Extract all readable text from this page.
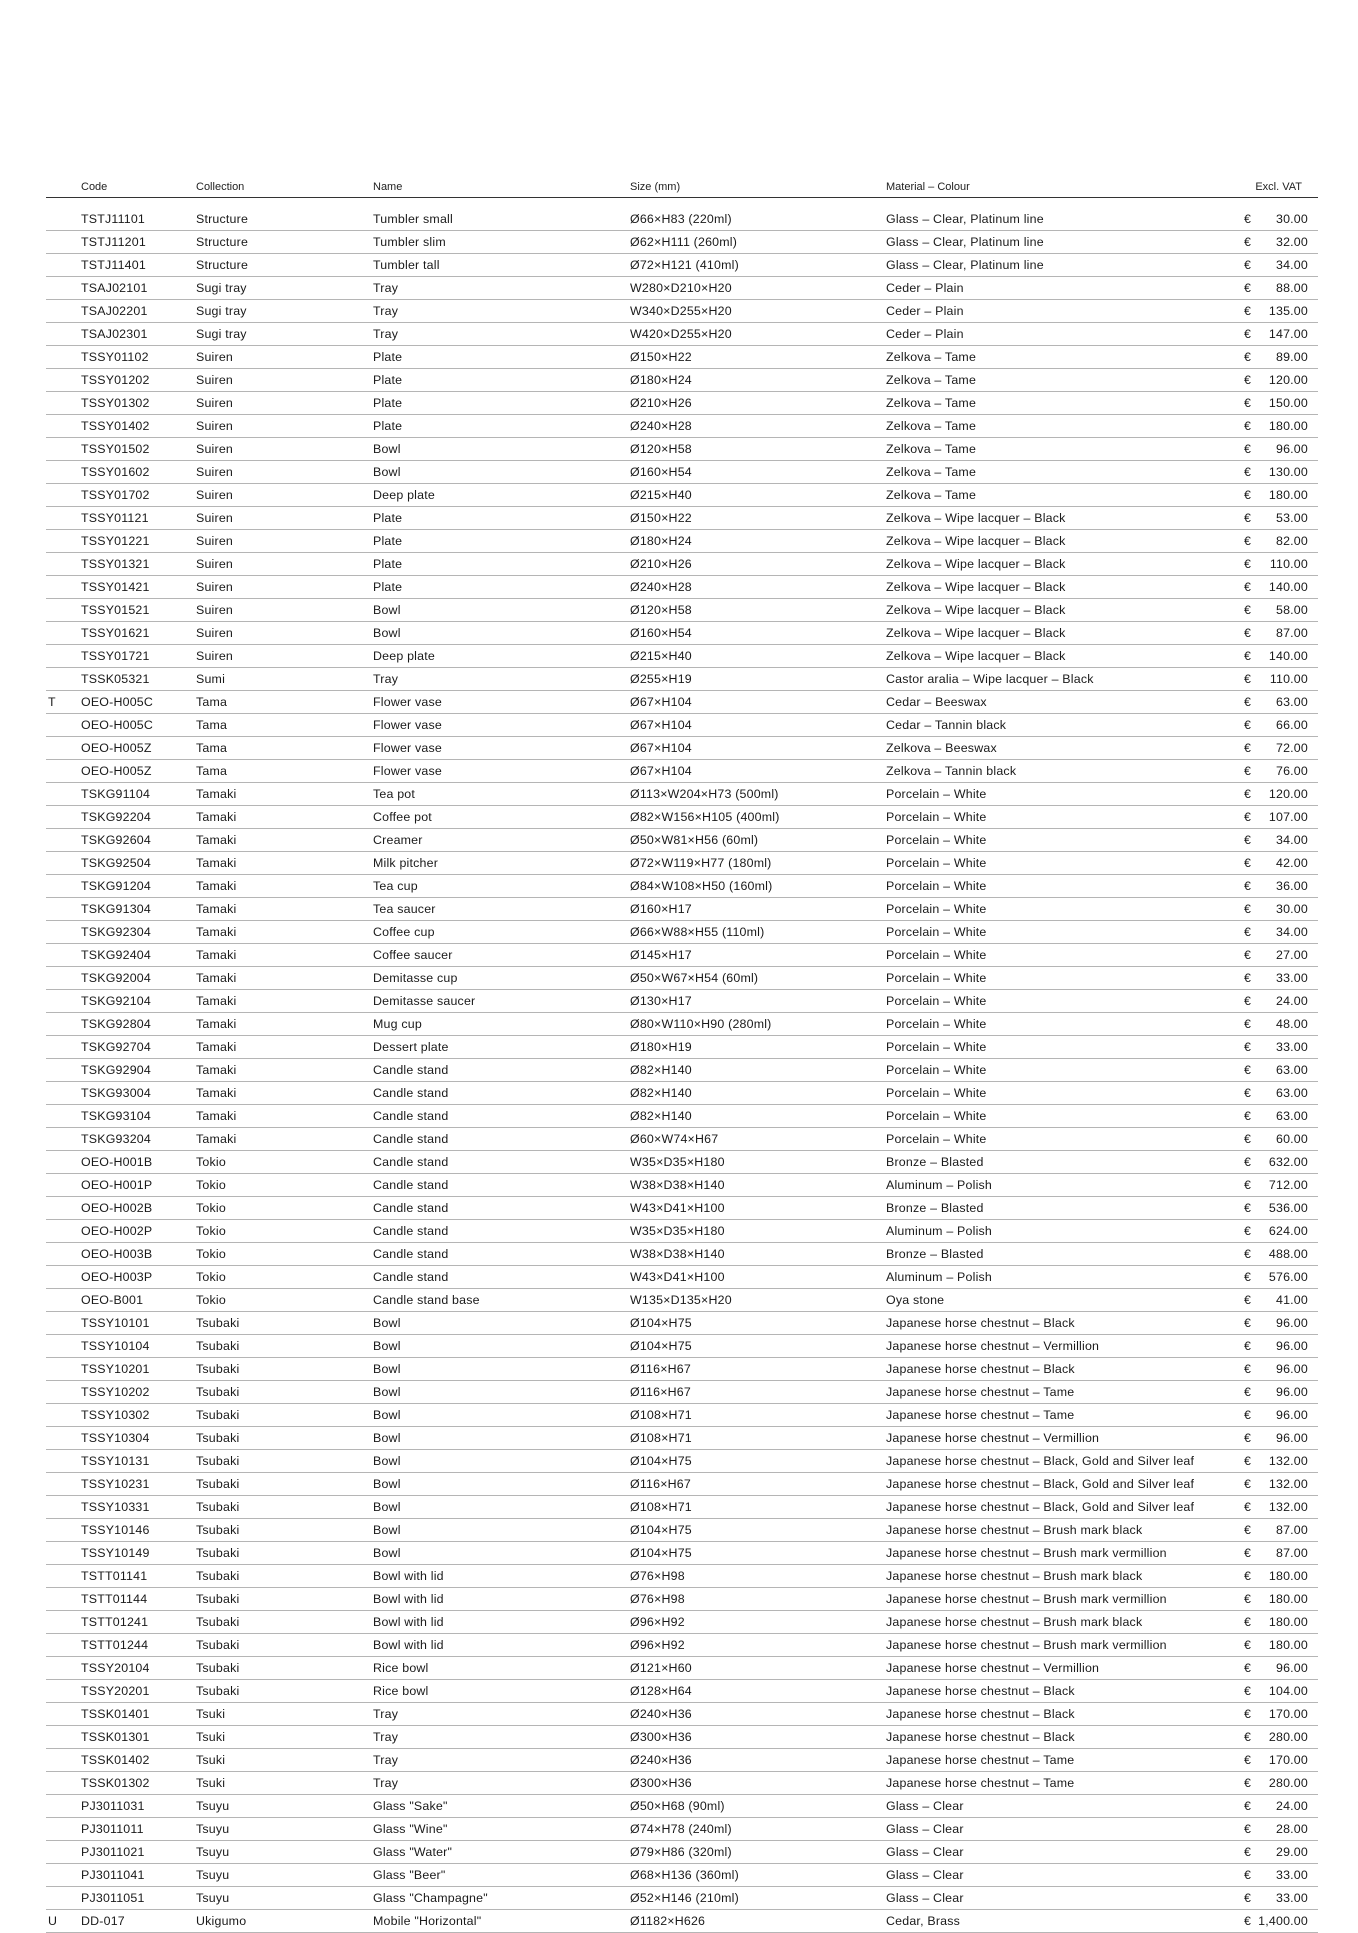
Code	Collection	Name	Size (mm)	Material – Colour	Excl. VAT
TSTJ11101	Structure	Tumbler small	Ø66×H83 (220ml)	Glass – Clear, Platinum line	€ 30.00
TSTJ11201	Structure	Tumbler slim	Ø62×H111 (260ml)	Glass – Clear, Platinum line	€ 32.00
TSTJ11401	Structure	Tumbler tall	Ø72×H121 (410ml)	Glass – Clear, Platinum line	€ 34.00
TSAJ02101	Sugi tray	Tray	W280×D210×H20	Ceder – Plain	€ 88.00
TSAJ02201	Sugi tray	Tray	W340×D255×H20	Ceder – Plain	€ 135.00
TSAJ02301	Sugi tray	Tray	W420×D255×H20	Ceder – Plain	€ 147.00
TSSY01102	Suiren	Plate	Ø150×H22	Zelkova – Tame	€ 89.00
TSSY01202	Suiren	Plate	Ø180×H24	Zelkova – Tame	€ 120.00
TSSY01302	Suiren	Plate	Ø210×H26	Zelkova – Tame	€ 150.00
TSSY01402	Suiren	Plate	Ø240×H28	Zelkova – Tame	€ 180.00
TSSY01502	Suiren	Bowl	Ø120×H58	Zelkova – Tame	€ 96.00
TSSY01602	Suiren	Bowl	Ø160×H54	Zelkova – Tame	€ 130.00
TSSY01702	Suiren	Deep plate	Ø215×H40	Zelkova – Tame	€ 180.00
TSSY01121	Suiren	Plate	Ø150×H22	Zelkova – Wipe lacquer – Black	€ 53.00
TSSY01221	Suiren	Plate	Ø180×H24	Zelkova – Wipe lacquer – Black	€ 82.00
TSSY01321	Suiren	Plate	Ø210×H26	Zelkova – Wipe lacquer – Black	€ 110.00
TSSY01421	Suiren	Plate	Ø240×H28	Zelkova – Wipe lacquer – Black	€ 140.00
TSSY01521	Suiren	Bowl	Ø120×H58	Zelkova – Wipe lacquer – Black	€ 58.00
TSSY01621	Suiren	Bowl	Ø160×H54	Zelkova – Wipe lacquer – Black	€ 87.00
TSSY01721	Suiren	Deep plate	Ø215×H40	Zelkova – Wipe lacquer – Black	€ 140.00
TSSK05321	Sumi	Tray	Ø255×H19	Castor aralia – Wipe lacquer – Black	€ 110.00
T OEO-H005C	Tama	Flower vase	Ø67×H104	Cedar – Beeswax	€ 63.00
OEO-H005C	Tama	Flower vase	Ø67×H104	Cedar – Tannin black	€ 66.00
OEO-H005Z	Tama	Flower vase	Ø67×H104	Zelkova – Beeswax	€ 72.00
OEO-H005Z	Tama	Flower vase	Ø67×H104	Zelkova – Tannin black	€ 76.00
TSKG91104	Tamaki	Tea pot	Ø113×W204×H73 (500ml)	Porcelain – White	€ 120.00
TSKG92204	Tamaki	Coffee pot	Ø82×W156×H105 (400ml)	Porcelain – White	€ 107.00
TSKG92604	Tamaki	Creamer	Ø50×W81×H56 (60ml)	Porcelain – White	€ 34.00
TSKG92504	Tamaki	Milk pitcher	Ø72×W119×H77 (180ml)	Porcelain – White	€ 42.00
TSKG91204	Tamaki	Tea cup	Ø84×W108×H50 (160ml)	Porcelain – White	€ 36.00
TSKG91304	Tamaki	Tea saucer	Ø160×H17	Porcelain – White	€ 30.00
TSKG92304	Tamaki	Coffee cup	Ø66×W88×H55 (110ml)	Porcelain – White	€ 34.00
TSKG92404	Tamaki	Coffee saucer	Ø145×H17	Porcelain – White	€ 27.00
TSKG92004	Tamaki	Demitasse cup	Ø50×W67×H54 (60ml)	Porcelain – White	€ 33.00
TSKG92104	Tamaki	Demitasse saucer	Ø130×H17	Porcelain – White	€ 24.00
TSKG92804	Tamaki	Mug cup	Ø80×W110×H90 (280ml)	Porcelain – White	€ 48.00
TSKG92704	Tamaki	Dessert plate	Ø180×H19	Porcelain – White	€ 33.00
TSKG92904	Tamaki	Candle stand	Ø82×H140	Porcelain – White	€ 63.00
TSKG93004	Tamaki	Candle stand	Ø82×H140	Porcelain – White	€ 63.00
TSKG93104	Tamaki	Candle stand	Ø82×H140	Porcelain – White	€ 63.00
TSKG93204	Tamaki	Candle stand	Ø60×W74×H67	Porcelain – White	€ 60.00
OEO-H001B	Tokio	Candle stand	W35×D35×H180	Bronze – Blasted	€ 632.00
OEO-H001P	Tokio	Candle stand	W38×D38×H140	Aluminum – Polish	€ 712.00
OEO-H002B	Tokio	Candle stand	W43×D41×H100	Bronze – Blasted	€ 536.00
OEO-H002P	Tokio	Candle stand	W35×D35×H180	Aluminum – Polish	€ 624.00
OEO-H003B	Tokio	Candle stand	W38×D38×H140	Bronze – Blasted	€ 488.00
OEO-H003P	Tokio	Candle stand	W43×D41×H100	Aluminum – Polish	€ 576.00
OEO-B001	Tokio	Candle stand base	W135×D135×H20	Oya stone	€ 41.00
TSSY10101	Tsubaki	Bowl	Ø104×H75	Japanese horse chestnut – Black	€ 96.00
TSSY10104	Tsubaki	Bowl	Ø104×H75	Japanese horse chestnut – Vermillion	€ 96.00
TSSY10201	Tsubaki	Bowl	Ø116×H67	Japanese horse chestnut – Black	€ 96.00
TSSY10202	Tsubaki	Bowl	Ø116×H67	Japanese horse chestnut – Tame	€ 96.00
TSSY10302	Tsubaki	Bowl	Ø108×H71	Japanese horse chestnut – Tame	€ 96.00
TSSY10304	Tsubaki	Bowl	Ø108×H71	Japanese horse chestnut – Vermillion	€ 96.00
TSSY10131	Tsubaki	Bowl	Ø104×H75	Japanese horse chestnut – Black, Gold and Silver leaf	€ 132.00
TSSY10231	Tsubaki	Bowl	Ø116×H67	Japanese horse chestnut – Black, Gold and Silver leaf	€ 132.00
TSSY10331	Tsubaki	Bowl	Ø108×H71	Japanese horse chestnut – Black, Gold and Silver leaf	€ 132.00
TSSY10146	Tsubaki	Bowl	Ø104×H75	Japanese horse chestnut – Brush mark black	€ 87.00
TSSY10149	Tsubaki	Bowl	Ø104×H75	Japanese horse chestnut – Brush mark vermillion	€ 87.00
TSTT01141	Tsubaki	Bowl with lid	Ø76×H98	Japanese horse chestnut – Brush mark black	€ 180.00
TSTT01144	Tsubaki	Bowl with lid	Ø76×H98	Japanese horse chestnut – Brush mark vermillion	€ 180.00
TSTT01241	Tsubaki	Bowl with lid	Ø96×H92	Japanese horse chestnut – Brush mark black	€ 180.00
TSTT01244	Tsubaki	Bowl with lid	Ø96×H92	Japanese horse chestnut – Brush mark vermillion	€ 180.00
TSSY20104	Tsubaki	Rice bowl	Ø121×H60	Japanese horse chestnut – Vermillion	€ 96.00
TSSY20201	Tsubaki	Rice bowl	Ø128×H64	Japanese horse chestnut – Black	€ 104.00
TSSK01401	Tsuki	Tray	Ø240×H36	Japanese horse chestnut – Black	€ 170.00
TSSK01301	Tsuki	Tray	Ø300×H36	Japanese horse chestnut – Black	€ 280.00
TSSK01402	Tsuki	Tray	Ø240×H36	Japanese horse chestnut – Tame	€ 170.00
TSSK01302	Tsuki	Tray	Ø300×H36	Japanese horse chestnut – Tame	€ 280.00
PJ3011031	Tsuyu	Glass "Sake"	Ø50×H68 (90ml)	Glass – Clear	€ 24.00
PJ3011011	Tsuyu	Glass "Wine"	Ø74×H78 (240ml)	Glass – Clear	€ 28.00
PJ3011021	Tsuyu	Glass "Water"	Ø79×H86 (320ml)	Glass – Clear	€ 29.00
PJ3011041	Tsuyu	Glass "Beer"	Ø68×H136 (360ml)	Glass – Clear	€ 33.00
PJ3011051	Tsuyu	Glass "Champagne"	Ø52×H146 (210ml)	Glass – Clear	€ 33.00
U DD-017	Ukigumo	Mobile "Horizontal"	Ø1182×H626	Cedar, Brass	€ 1,400.00
